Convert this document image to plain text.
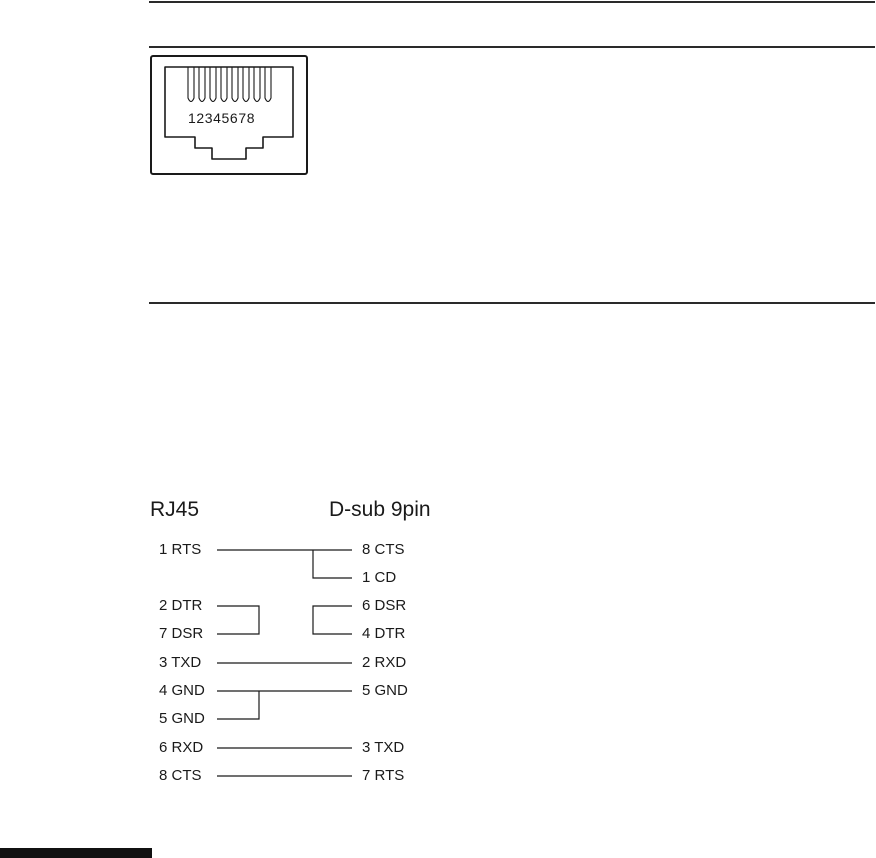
12345678
RJ45	D-sub 9pin
1 RTS
2 DTR
7 DSR
3 TXD
4 GND
5 GND
6 RXD
8 CTS
8 CTS
1 CD
6 DSR
4 DTR
2 RXD
5 GND
3 TXD
7 RTS
